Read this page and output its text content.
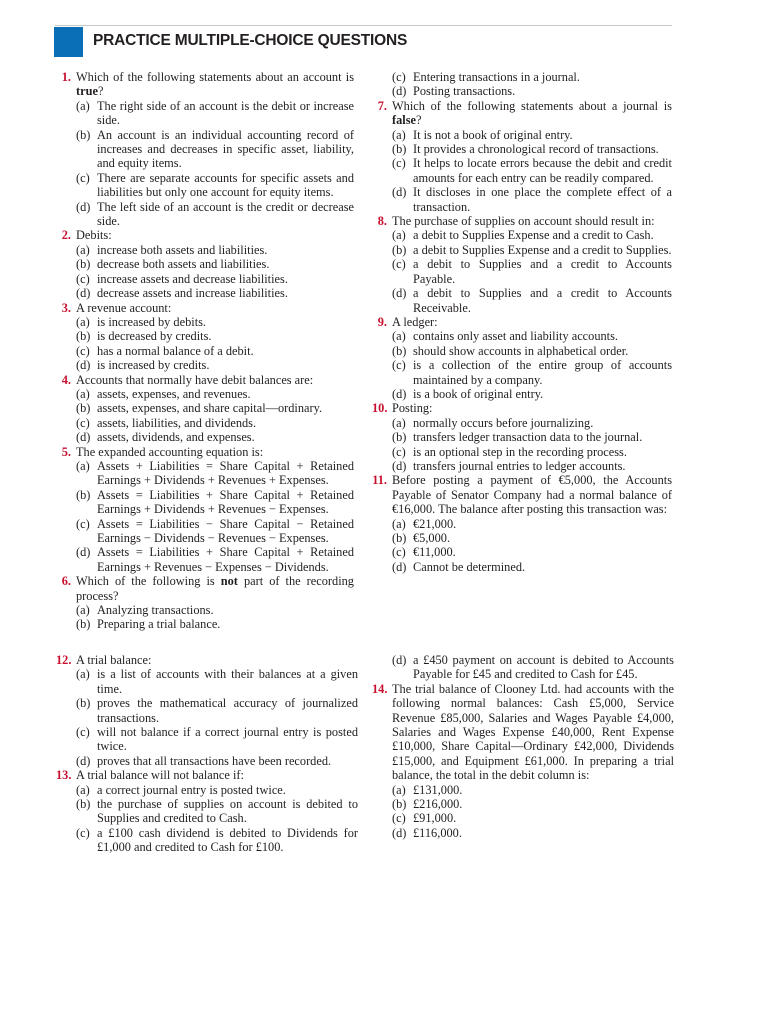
PRACTICE MULTIPLE-CHOICE QUESTIONS
1. Which of the following statements about an account is true?
(a) The right side of an account is the debit or increase side.
(b) An account is an individual accounting record of increases and decreases in specific asset, liability, and equity items.
(c) There are separate accounts for specific assets and liabilities but only one account for equity items.
(d) The left side of an account is the credit or decrease side.
2. Debits:
(a) increase both assets and liabilities.
(b) decrease both assets and liabilities.
(c) increase assets and decrease liabilities.
(d) decrease assets and increase liabilities.
3. A revenue account:
(a) is increased by debits.
(b) is decreased by credits.
(c) has a normal balance of a debit.
(d) is increased by credits.
4. Accounts that normally have debit balances are:
(a) assets, expenses, and revenues.
(b) assets, expenses, and share capital—ordinary.
(c) assets, liabilities, and dividends.
(d) assets, dividends, and expenses.
5. The expanded accounting equation is:
(a) Assets + Liabilities = Share Capital + Retained Earnings + Dividends + Revenues + Expenses.
(b) Assets = Liabilities + Share Capital + Retained Earnings + Dividends + Revenues − Expenses.
(c) Assets = Liabilities − Share Capital − Retained Earnings − Dividends − Revenues − Expenses.
(d) Assets = Liabilities + Share Capital + Retained Earnings + Revenues − Expenses − Dividends.
6. Which of the following is not part of the recording process?
(a) Analyzing transactions.
(b) Preparing a trial balance.
(c) Entering transactions in a journal.
(d) Posting transactions.
7. Which of the following statements about a journal is false?
(a) It is not a book of original entry.
(b) It provides a chronological record of transactions.
(c) It helps to locate errors because the debit and credit amounts for each entry can be readily compared.
(d) It discloses in one place the complete effect of a transaction.
8. The purchase of supplies on account should result in:
(a) a debit to Supplies Expense and a credit to Cash.
(b) a debit to Supplies Expense and a credit to Supplies.
(c) a debit to Supplies and a credit to Accounts Payable.
(d) a debit to Supplies and a credit to Accounts Receivable.
9. A ledger:
(a) contains only asset and liability accounts.
(b) should show accounts in alphabetical order.
(c) is a collection of the entire group of accounts maintained by a company.
(d) is a book of original entry.
10. Posting:
(a) normally occurs before journalizing.
(b) transfers ledger transaction data to the journal.
(c) is an optional step in the recording process.
(d) transfers journal entries to ledger accounts.
11. Before posting a payment of €5,000, the Accounts Payable of Senator Company had a normal balance of €16,000. The balance after posting this transaction was:
(a) €21,000.
(b) €5,000.
(c) €11,000.
(d) Cannot be determined.
12. A trial balance:
(a) is a list of accounts with their balances at a given time.
(b) proves the mathematical accuracy of journalized transactions.
(c) will not balance if a correct journal entry is posted twice.
(d) proves that all transactions have been recorded.
13. A trial balance will not balance if:
(a) a correct journal entry is posted twice.
(b) the purchase of supplies on account is debited to Supplies and credited to Cash.
(c) a £100 cash dividend is debited to Dividends for £1,000 and credited to Cash for £100.
(d) a £450 payment on account is debited to Accounts Payable for £45 and credited to Cash for £45.
14. The trial balance of Clooney Ltd. had accounts with the following normal balances: Cash £5,000, Service Revenue £85,000, Salaries and Wages Payable £4,000, Salaries and Wages Expense £40,000, Rent Expense £10,000, Share Capital—Ordinary £42,000, Dividends £15,000, and Equipment £61,000. In preparing a trial balance, the total in the debit column is:
(a) £131,000.
(b) £216,000.
(c) £91,000.
(d) £116,000.
